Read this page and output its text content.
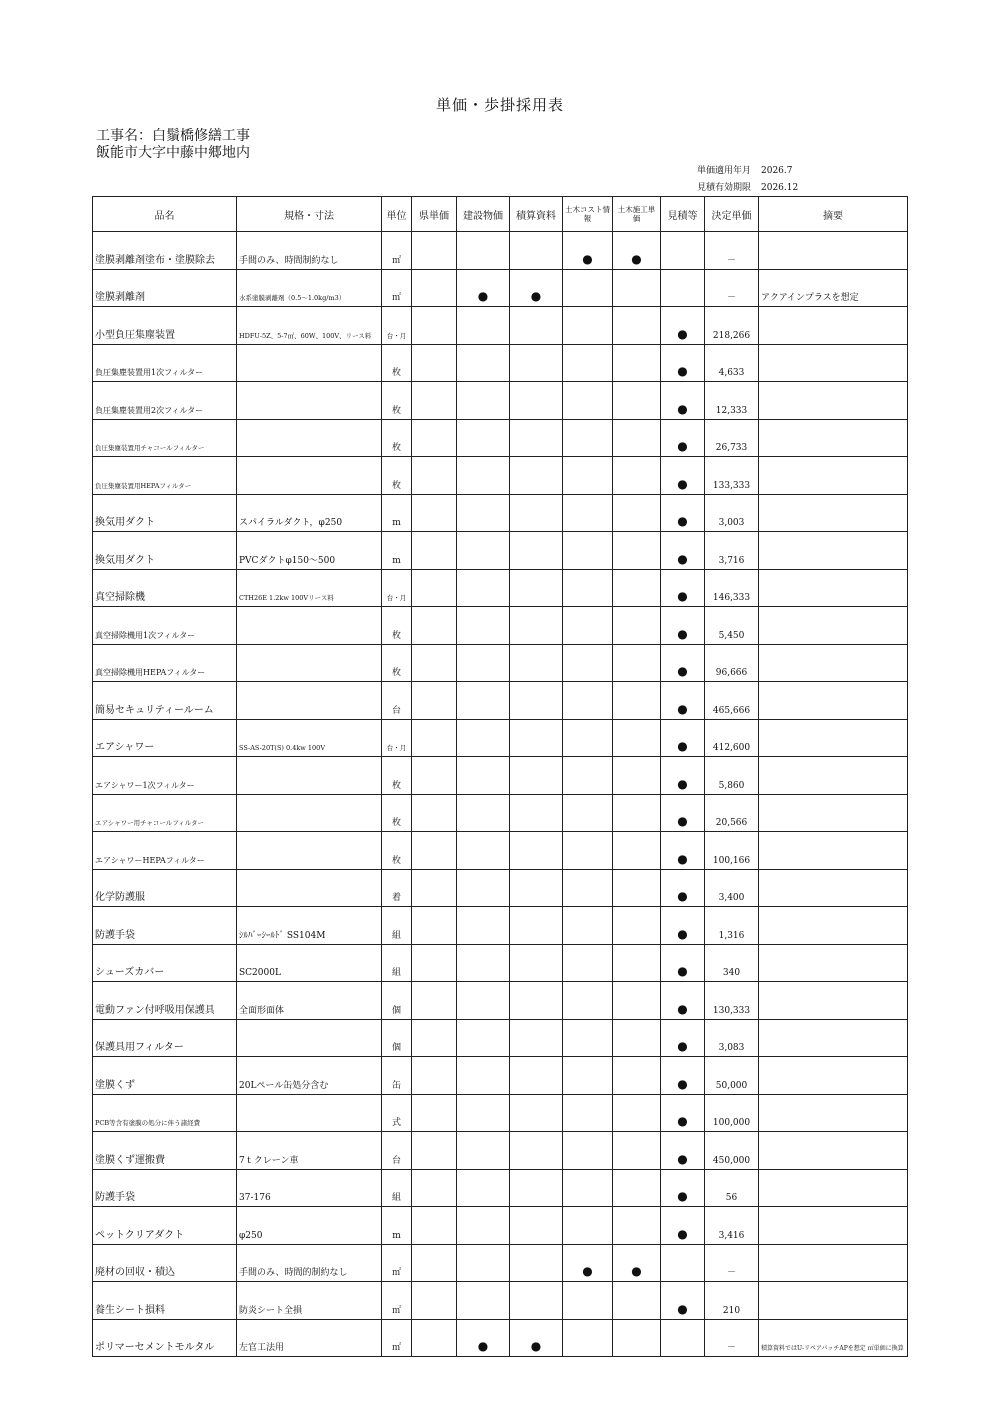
単価・歩掛採用表
工事名：白鬚橋修繕工事
飯能市大字中藤中郷地内
単価適用年月 2026.7
見積有効期限 2026.12
品名	規格・寸法	単位	県単価	建設物価	積算資料	土木コスト情報	土木施工単価	見積等	決定単価	摘要
塗膜剥離剤塗布・塗膜除去	手間のみ、時間制約なし	㎡				●	●		－	
塗膜剥離剤	水系塗膜剥離剤（0.5～1.0kg/m3）	㎡		●	●				－	アクアインプラスを想定
小型負圧集塵装置	HDFU-5Z、5-7㎥、60W、100V、リース料	台・月						●	218,266	
負圧集塵装置用1次フィルター		枚						●	4,633	
負圧集塵装置用2次フィルター		枚						●	12,333	
負圧集塵装置用チャコールフィルター		枚						●	26,733	
負圧集塵装置用HEPAフィルター		枚						●	133,333	
換気用ダクト	スパイラルダクト，φ250	m						●	3,003	
換気用ダクト	PVCダクトφ150～500	m						●	3,716	
真空掃除機	CTH26E 1.2kw 100Vリース料	台・月						●	146,333	
真空掃除機用1次フィルター		枚						●	5,450	
真空掃除機用HEPAフィルター		枚						●	96,666	
簡易セキュリティールーム		台						●	465,666	
エアシャワー	SS-AS-20T(S) 0.4kw 100V	台・月						●	412,600	
エアシャワー1次フィルター		枚						●	5,860	
エアシャワー用チャコールフィルター		枚						●	20,566	
エアシャワーHEPAフィルター		枚						●	100,166	
化学防護服		着						●	3,400	
防護手袋	ｼﾙﾊﾞｰｼｰﾙﾄﾞ SS104M	組						●	1,316	
シューズカバー	SC2000L	組						●	340	
電動ファン付呼吸用保護具	全面形面体	個						●	130,333	
保護具用フィルター		個						●	3,083	
塗膜くず	20Lペール缶処分含む	缶						●	50,000	
PCB等含有塗膜の処分に伴う諸経費		式						●	100,000	
塗膜くず運搬費	7ｔクレーン車	台						●	450,000	
防護手袋	37-176	組						●	56	
ペットクリアダクト	φ250	m						●	3,416	
廃材の回収・積込	手間のみ、時間的制約なし	㎡				●	●		－	
養生シート損料	防炎シート全損	㎡						●	210	
ポリマーセメントモルタル	左官工法用	㎡		●	●				－	積算資料ではU-リペアパッチAPを想定 ㎡単価に換算
